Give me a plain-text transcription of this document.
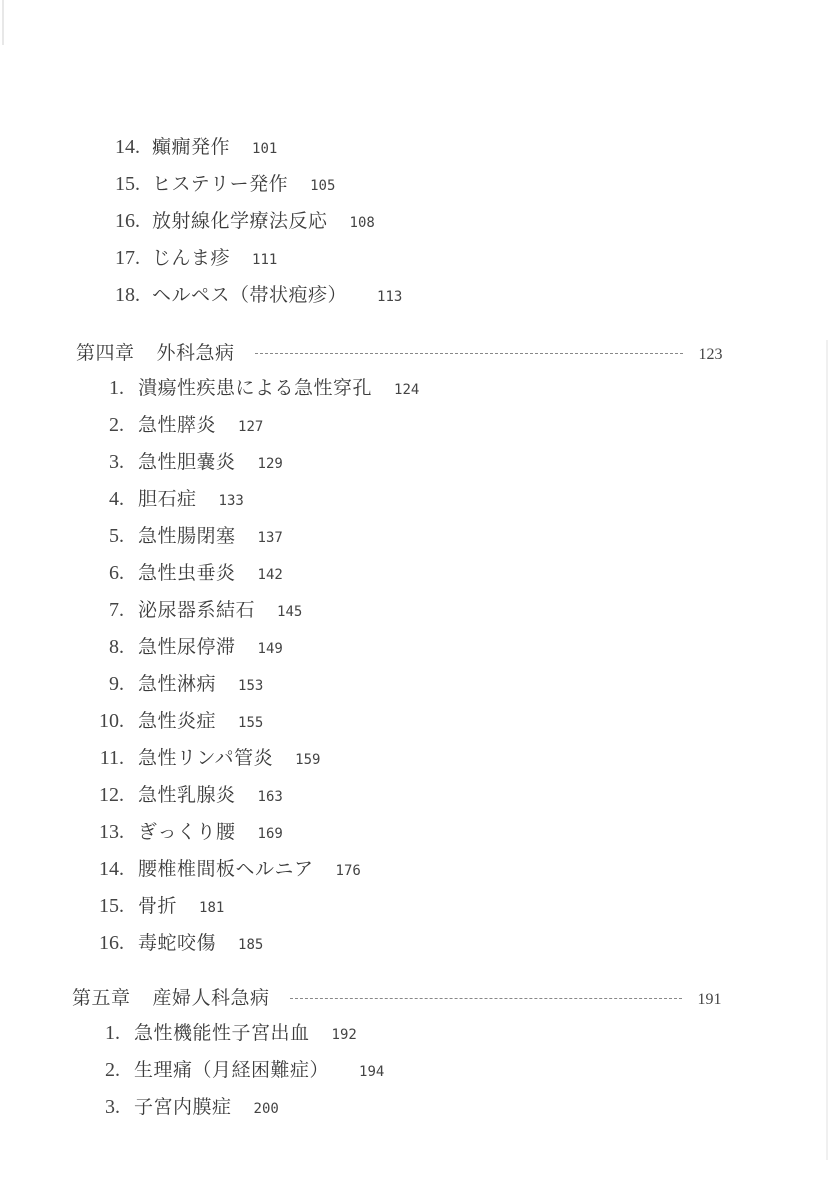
14. 癲癇発作 101
15. ヒステリー発作 105
16. 放射線化学療法反応 108
17. じんま疹 111
18. ヘルペス（帯状疱疹） 113
第四章 外科急病	123
1. 潰瘍性疾患による急性穿孔 124
2. 急性膵炎 127
3. 急性胆嚢炎 129
4. 胆石症 133
5. 急性腸閉塞 137
6. 急性虫垂炎 142
7. 泌尿器系結石 145
8. 急性尿停滞 149
9. 急性淋病 153
10. 急性炎症 155
11. 急性リンパ管炎 159
12. 急性乳腺炎 163
13. ぎっくり腰 169
14. 腰椎椎間板ヘルニア 176
15. 骨折 181
16. 毒蛇咬傷 185
第五章 産婦人科急病	191
1. 急性機能性子宮出血 192
2. 生理痛（月経困難症） 194
3. 子宮内膜症 200
